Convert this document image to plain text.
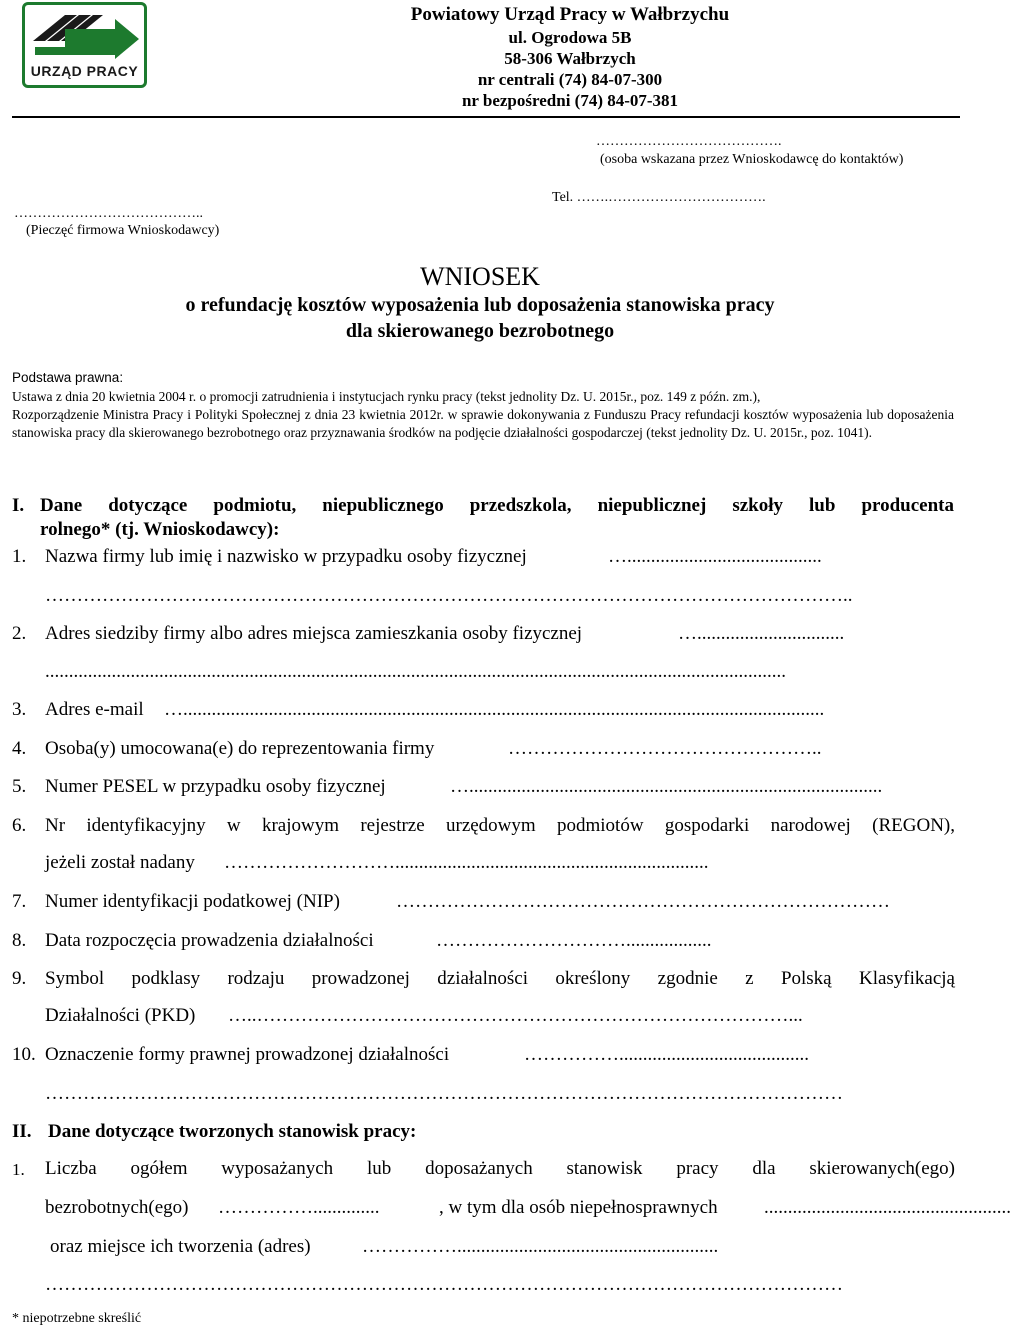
URZĄD PRACY
Powiatowy Urząd Pracy w Wałbrzychu
ul. Ogrodowa 5B
58-306 Wałbrzych
nr centrali (74) 84-07-300
nr bezpośredni (74) 84-07-381
………………………………….
(osoba wskazana przez Wnioskodawcę do kontaktów)
Tel. …….…………………………….
…………………………………..
(Pieczęć firmowa Wnioskodawcy)
WNIOSEK
o refundację kosztów wyposażenia lub doposażenia stanowiska pracy
dla skierowanego bezrobotnego
Podstawa prawna:
Ustawa z dnia 20 kwietnia 2004 r. o promocji zatrudnienia i instytucjach rynku pracy (tekst jednolity Dz. U. 2015r., poz. 149 z późn. zm.),
Rozporządzenie Ministra Pracy i Polityki Społecznej z dnia 23 kwietnia 2012r. w sprawie dokonywania z Funduszu Pracy refundacji kosztów wyposażenia lub doposażenia stanowiska pracy dla skierowanego bezrobotnego oraz przyznawania środków na podjęcie działalności gospodarczej (tekst jednolity Dz. U. 2015r., poz. 1041).
I. Dane dotyczące podmiotu, niepublicznego przedszkola, niepublicznej szkoły lub producenta
rolnego* (tj. Wnioskodawcy):
1. Nazwa firmy lub imię i nazwisko w przypadku osoby fizycznej	….........................................
………………………………………………………………………………………………………………..
2. Adres siedziby firmy albo adres miejsca zamieszkania osoby fizycznej	…...............................
............................................................................................................................................................
3. Adres e-mail ….......................................................................................................................................
4. Osoba(y) umocowana(e) do reprezentowania firmy	…………………………………………..
5. Numer PESEL w przypadku osoby fizycznej	….......................................................................................
6. Nr identyfikacyjny w krajowym rejestrze urzędowym podmiotów gospodarki narodowej (REGON),
jeżeli został nadany ………………………..................................................................
7. Numer identyfikacji podatkowej (NIP)	……………………………………………………………………
8. Data rozpoczęcia prowadzenia działalności	…………………………..................
9. Symbol podklasy rodzaju prowadzonej działalności określony zgodnie z Polską Klasyfikacją
Działalności (PKD) …..…………………………………………………………………………...
10. Oznaczenie formy prawnej prowadzonej działalności	……………........................................
………………………………………………………………………………………………………………
II. Dane dotyczące tworzonych stanowisk pracy:
1. Liczba ogółem wyposażanych lub doposażanych stanowisk pracy dla skierowanych(ego)
bezrobotnych(ego) ……………..............	, w tym dla osób niepełnosprawnych ....................................................
oraz miejsce ich tworzenia (adres)	…………….......................................................
………………………………………………………………………………………………………………
* niepotrzebne skreślić
